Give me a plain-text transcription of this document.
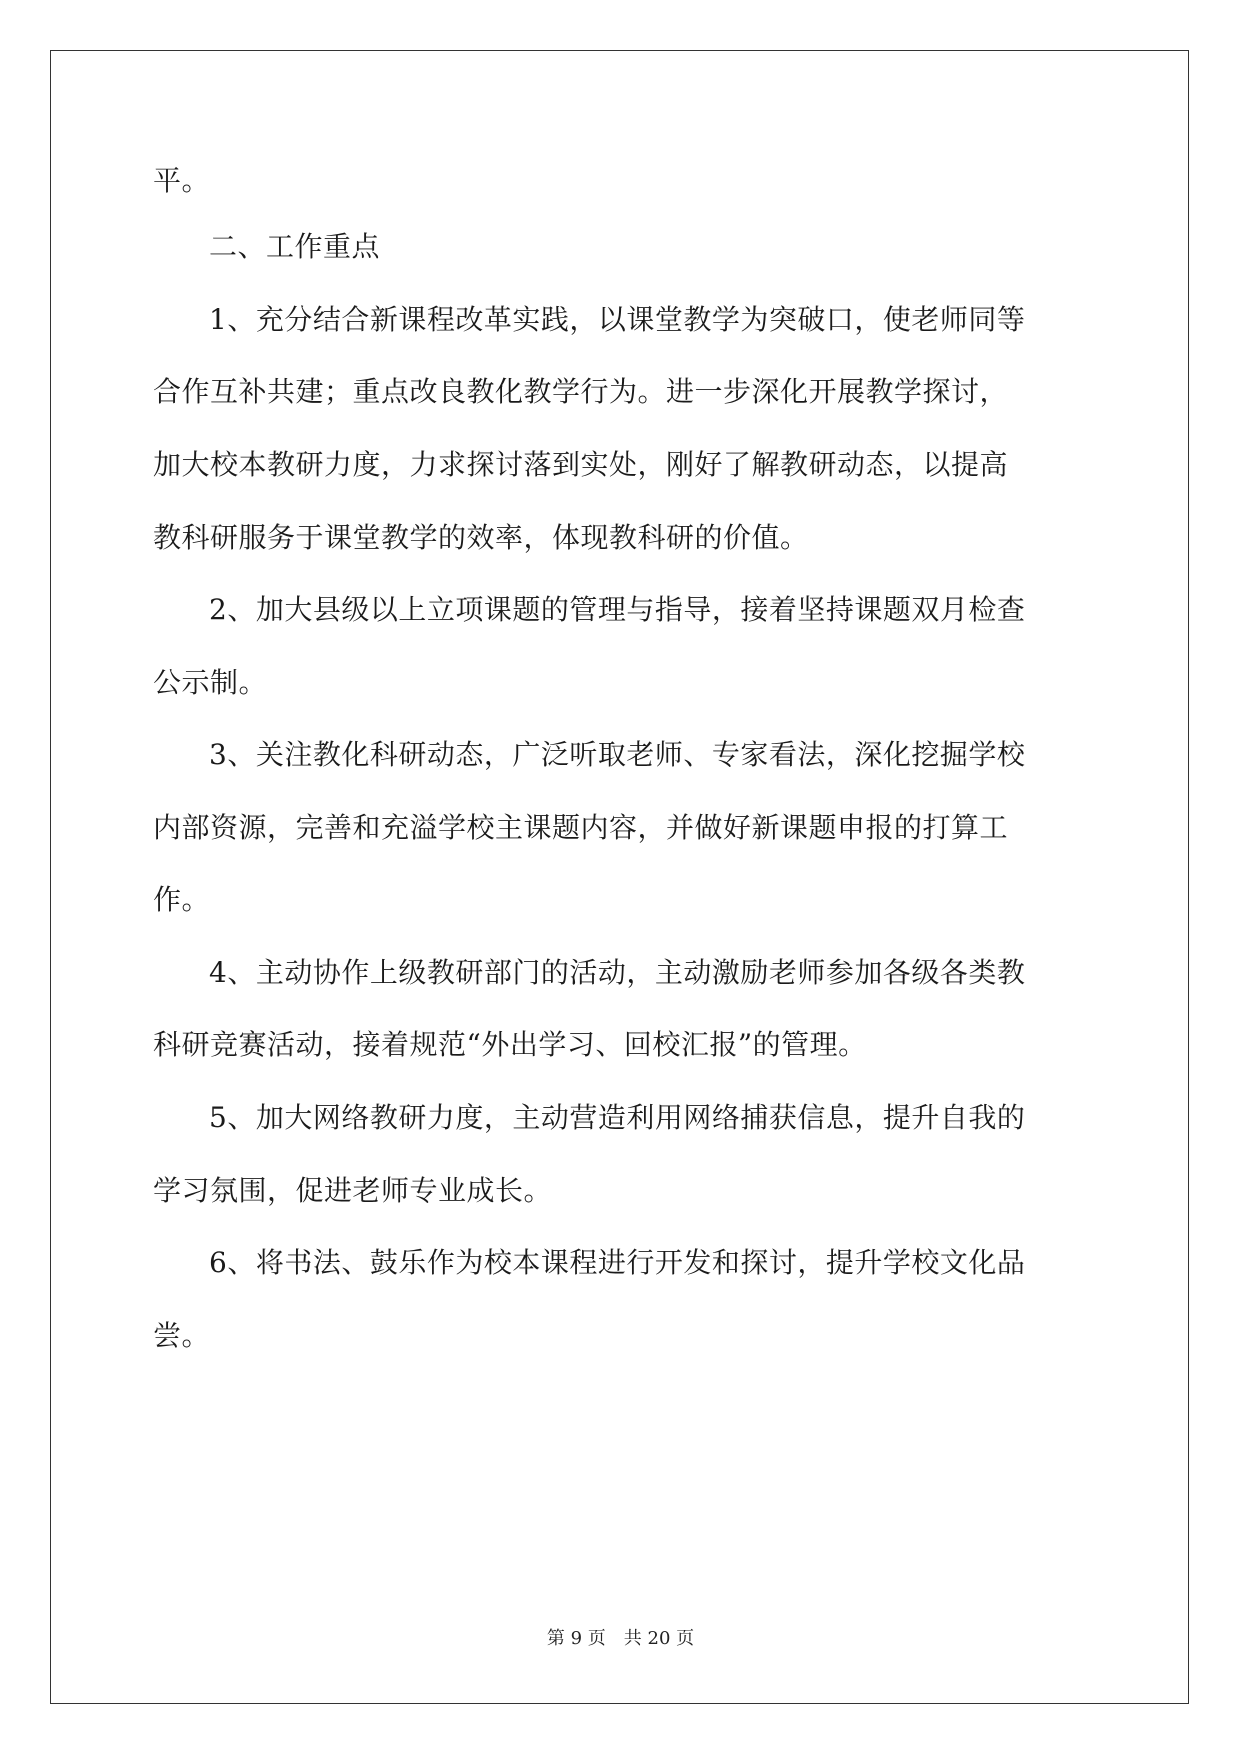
平。
二、工作重点
1、充分结合新课程改革实践，以课堂教学为突破口，使老师同等
合作互补共建；重点改良教化教学行为。进一步深化开展教学探讨，
加大校本教研力度，力求探讨落到实处，刚好了解教研动态，以提高
教科研服务于课堂教学的效率，体现教科研的价值。
2、加大县级以上立项课题的管理与指导，接着坚持课题双月检查
公示制。
3、关注教化科研动态，广泛听取老师、专家看法，深化挖掘学校
内部资源，完善和充溢学校主课题内容，并做好新课题申报的打算工
作。
4、主动协作上级教研部门的活动，主动激励老师参加各级各类教
科研竞赛活动，接着规范“外出学习、回校汇报”的管理。
5、加大网络教研力度，主动营造利用网络捕获信息，提升自我的
学习氛围，促进老师专业成长。
6、将书法、鼓乐作为校本课程进行开发和探讨，提升学校文化品
尝。
第 9 页　共 20 页
